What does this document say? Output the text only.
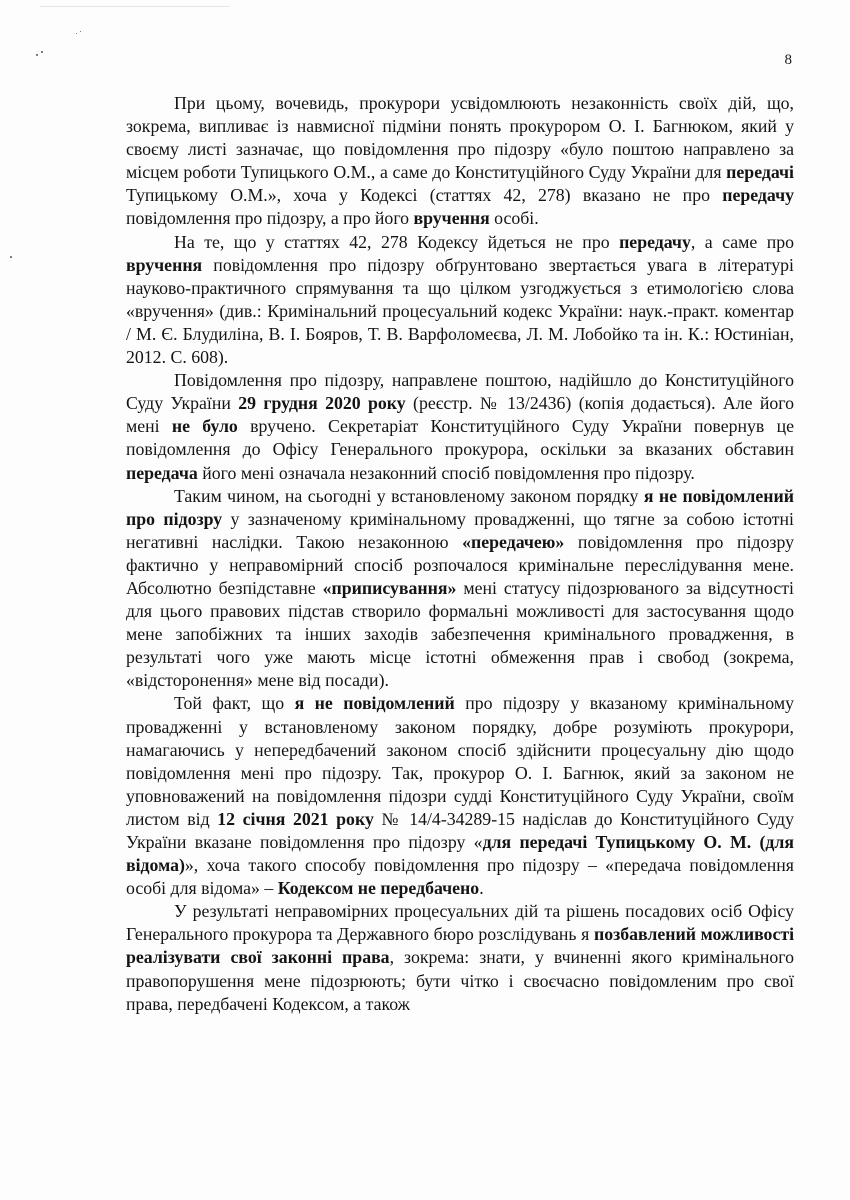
8

При цьому, вочевидь, прокурори усвідомлюють незаконність своїх дій, що, зокрема, випливає із навмисної підміни понять прокурором О. І. Багнюком, який у своєму листі зазначає, що повідомлення про підозру «було поштою направлено за місцем роботи Тупицького О.М., а саме до Конституційного Суду України для передачі Тупицькому О.М.», хоча у Кодексі (статтях 42, 278) вказано не про передачу повідомлення про підозру, а про його вручення особі.

На те, що у статтях 42, 278 Кодексу йдеться не про передачу, а саме про вручення повідомлення про підозру обґрунтовано звертається увага в літературі науково-практичного спрямування та що цілком узгоджується з етимологією слова «вручення» (див.: Кримінальний процесуальний кодекс України: наук.-практ. коментар / М. Є. Блудиліна, В. І. Бояров, Т. В. Варфоломеєва, Л. М. Лобойко та ін. К.: Юстиніан, 2012. С. 608).

Повідомлення про підозру, направлене поштою, надійшло до Конституційного Суду України 29 грудня 2020 року (реєстр. № 13/2436) (копія додається). Але його мені не було вручено. Секретаріат Конституційного Суду України повернув це повідомлення до Офісу Генерального прокурора, оскільки за вказаних обставин передача його мені означала незаконний спосіб повідомлення про підозру.

Таким чином, на сьогодні у встановленому законом порядку я не повідомлений про підозру у зазначеному кримінальному провадженні, що тягне за собою істотні негативні наслідки. Такою незаконною «передачею» повідомлення про підозру фактично у неправомірний спосіб розпочалося кримінальне переслідування мене. Абсолютно безпідставне «приписування» мені статусу підозрюваного за відсутності для цього правових підстав створило формальні можливості для застосування щодо мене запобіжних та інших заходів забезпечення кримінального провадження, в результаті чого уже мають місце істотні обмеження прав і свобод (зокрема, «відсторонення» мене від посади).

Той факт, що я не повідомлений про підозру у вказаному кримінальному провадженні у встановленому законом порядку, добре розуміють прокурори, намагаючись у непередбачений законом спосіб здійснити процесуальну дію щодо повідомлення мені про підозру. Так, прокурор О. І. Багнюк, який за законом не уповноважений на повідомлення підозри судді Конституційного Суду України, своїм листом від 12 січня 2021 року № 14/4-34289-15 надіслав до Конституційного Суду України вказане повідомлення про підозру «для передачі Тупицькому О. М. (для відома)», хоча такого способу повідомлення про підозру – «передача повідомлення особі для відома» – Кодексом не передбачено.

У результаті неправомірних процесуальних дій та рішень посадових осіб Офісу Генерального прокурора та Державного бюро розслідувань я позбавлений можливості реалізувати свої законні права, зокрема: знати, у вчиненні якого кримінального правопорушення мене підозрюють; бути чітко і своєчасно повідомленим про свої права, передбачені Кодексом, а також
